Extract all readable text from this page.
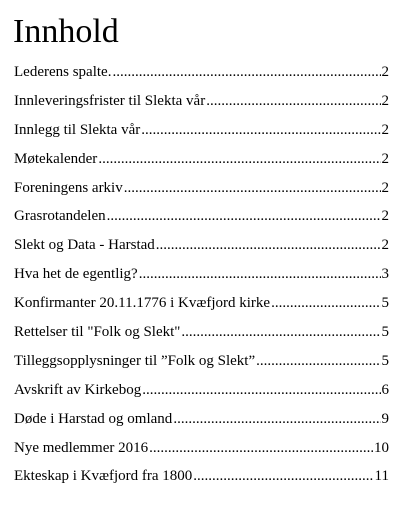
Innhold
Lederens spalte. .....	2
Innleveringsfrister til Slekta vår .....	2
Innlegg til Slekta vår .....	2
Møtekalender .....	2
Foreningens arkiv .....	2
Grasrotandelen .....	2
Slekt og Data - Harstad .....	2
Hva het de egentlig? .....	3
Konfirmanter 20.11.1776 i Kvæfjord kirke .....	5
Rettelser til "Folk og Slekt" .....	5
Tilleggsopplysninger til ”Folk og Slekt” .....	5
Avskrift av Kirkebog .....	6
Døde i Harstad og omland .....	9
Nye medlemmer 2016 .....	10
Ekteskap i Kvæfjord fra 1800 .....	11
